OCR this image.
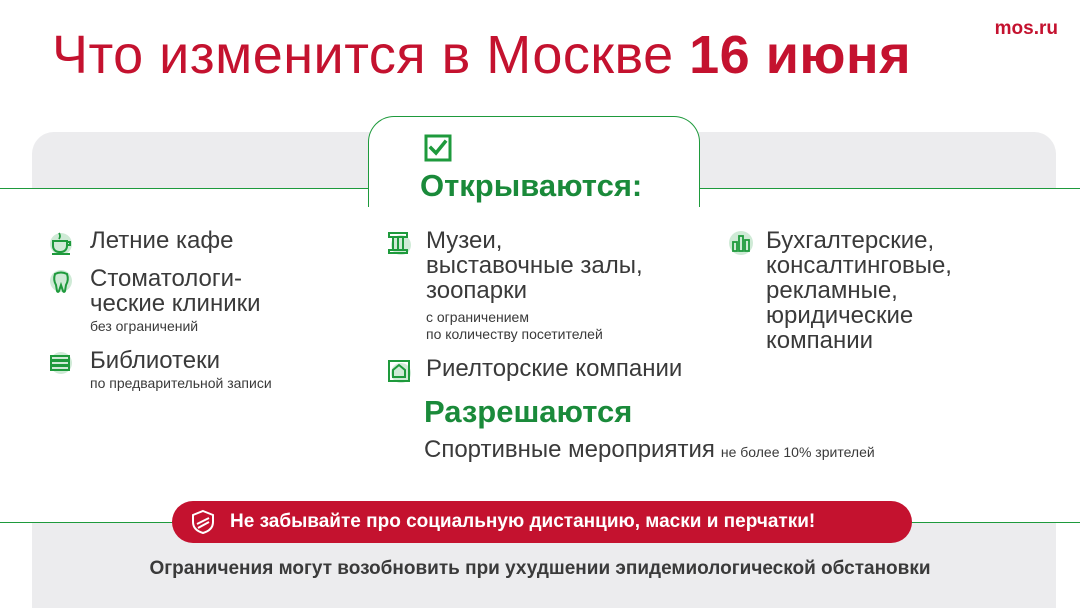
mos.ru
Что изменится в Москве 16 июня
Открываются:
Летние кафе
Стоматологи-
ческие клиники
без ограничений
Библиотеки
по предварительной записи
Музеи,
выставочные залы,
зоопарки
с ограничением
по количеству посетителей
Риелторские компании
Бухгалтерские,
консалтинговые,
рекламные,
юридические
компании
Разрешаются
Спортивные мероприятия не более 10% зрителей
Не забывайте про социальную дистанцию, маски и перчатки!
Ограничения могут возобновить при ухудшении эпидемиологической обстановки
